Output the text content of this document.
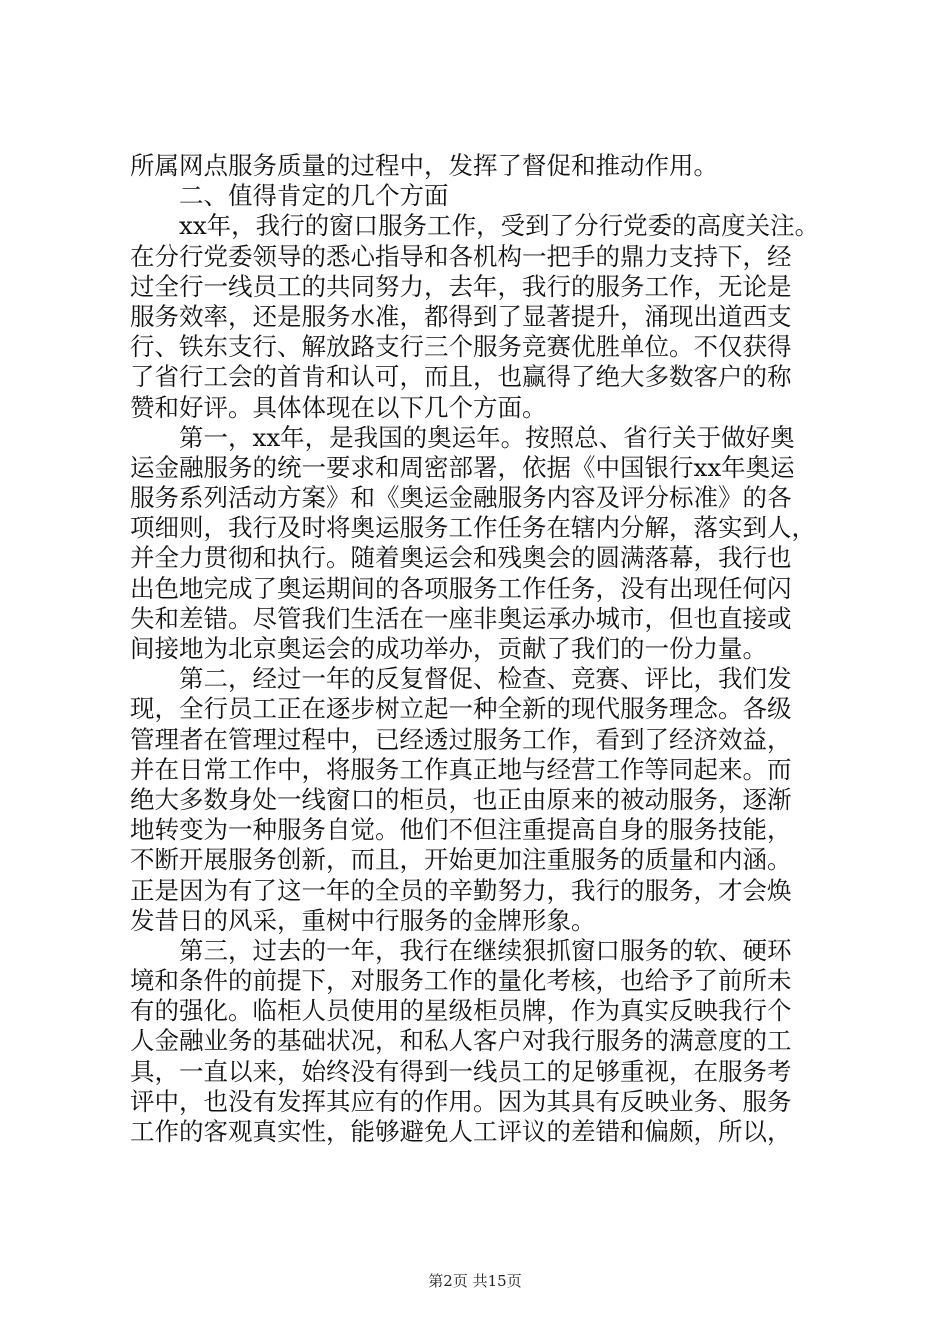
所属网点服务质量的过程中，发挥了督促和推动作用。
二、值得肯定的几个方面
xx年，我行的窗口服务工作，受到了分行党委的高度关注。
在分行党委领导的悉心指导和各机构一把手的鼎力支持下，经
过全行一线员工的共同努力，去年，我行的服务工作，无论是
服务效率，还是服务水准，都得到了显著提升，涌现出道西支
行、铁东支行、解放路支行三个服务竞赛优胜单位。不仅获得
了省行工会的首肯和认可，而且，也赢得了绝大多数客户的称
赞和好评。具体体现在以下几个方面。
第一，xx年，是我国的奥运年。按照总、省行关于做好奥
运金融服务的统一要求和周密部署，依据《中国银行xx年奥运
服务系列活动方案》和《奥运金融服务内容及评分标准》的各
项细则，我行及时将奥运服务工作任务在辖内分解，落实到人，
并全力贯彻和执行。随着奥运会和残奥会的圆满落幕，我行也
出色地完成了奥运期间的各项服务工作任务，没有出现任何闪
失和差错。尽管我们生活在一座非奥运承办城市，但也直接或
间接地为北京奥运会的成功举办，贡献了我们的一份力量。
第二，经过一年的反复督促、检查、竞赛、评比，我们发
现，全行员工正在逐步树立起一种全新的现代服务理念。各级
管理者在管理过程中，已经透过服务工作，看到了经济效益，
并在日常工作中，将服务工作真正地与经营工作等同起来。而
绝大多数身处一线窗口的柜员，也正由原来的被动服务，逐渐
地转变为一种服务自觉。他们不但注重提高自身的服务技能，
不断开展服务创新，而且，开始更加注重服务的质量和内涵。
正是因为有了这一年的全员的辛勤努力，我行的服务，才会焕
发昔日的风采，重树中行服务的金牌形象。
第三，过去的一年，我行在继续狠抓窗口服务的软、硬环
境和条件的前提下，对服务工作的量化考核，也给予了前所未
有的强化。临柜人员使用的星级柜员牌，作为真实反映我行个
人金融业务的基础状况，和私人客户对我行服务的满意度的工
具，一直以来，始终没有得到一线员工的足够重视，在服务考
评中，也没有发挥其应有的作用。因为其具有反映业务、服务
工作的客观真实性，能够避免人工评议的差错和偏颇，所以，
第2页 共15页
